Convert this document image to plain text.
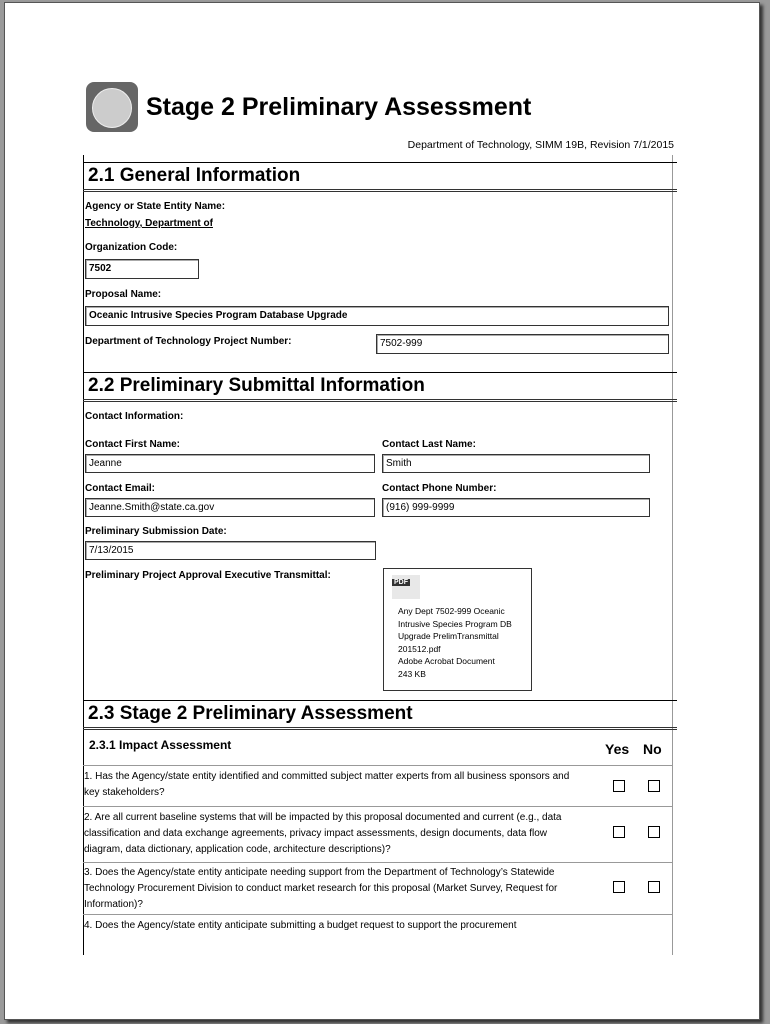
Stage 2 Preliminary Assessment
Department of Technology, SIMM 19B, Revision 7/1/2015
2.1 General Information
Agency or State Entity Name:
Technology, Department of
Organization Code:
7502
Proposal Name:
Oceanic Intrusive Species Program Database Upgrade
Department of Technology Project Number:	7502-999
2.2 Preliminary Submittal Information
Contact Information:
Contact First Name:
Jeanne
Contact Last Name:
Smith
Contact Email:
Jeanne.Smith@state.ca.gov
Contact Phone Number:
(916) 999-9999
Preliminary Submission Date:
7/13/2015
Preliminary Project Approval Executive Transmittal:
PDF
Any Dept 7502-999 Oceanic
Intrusive Species Program DB
Upgrade PrelimTransmittal
201512.pdf
Adobe Acrobat Document
243 KB
2.3 Stage 2 Preliminary Assessment
2.3.1 Impact Assessment	Yes No
1. Has the Agency/state entity identified and committed subject matter experts from all business sponsors and key stakeholders?
2. Are all current baseline systems that will be impacted by this proposal documented and current (e.g., data classification and data exchange agreements, privacy impact assessments, design documents, data flow diagram, data dictionary, application code, architecture descriptions)?
3. Does the Agency/state entity anticipate needing support from the Department of Technology’s Statewide Technology Procurement Division to conduct market research for this proposal (Market Survey, Request for Information)?
4. Does the Agency/state entity anticipate submitting a budget request to support the procurement
